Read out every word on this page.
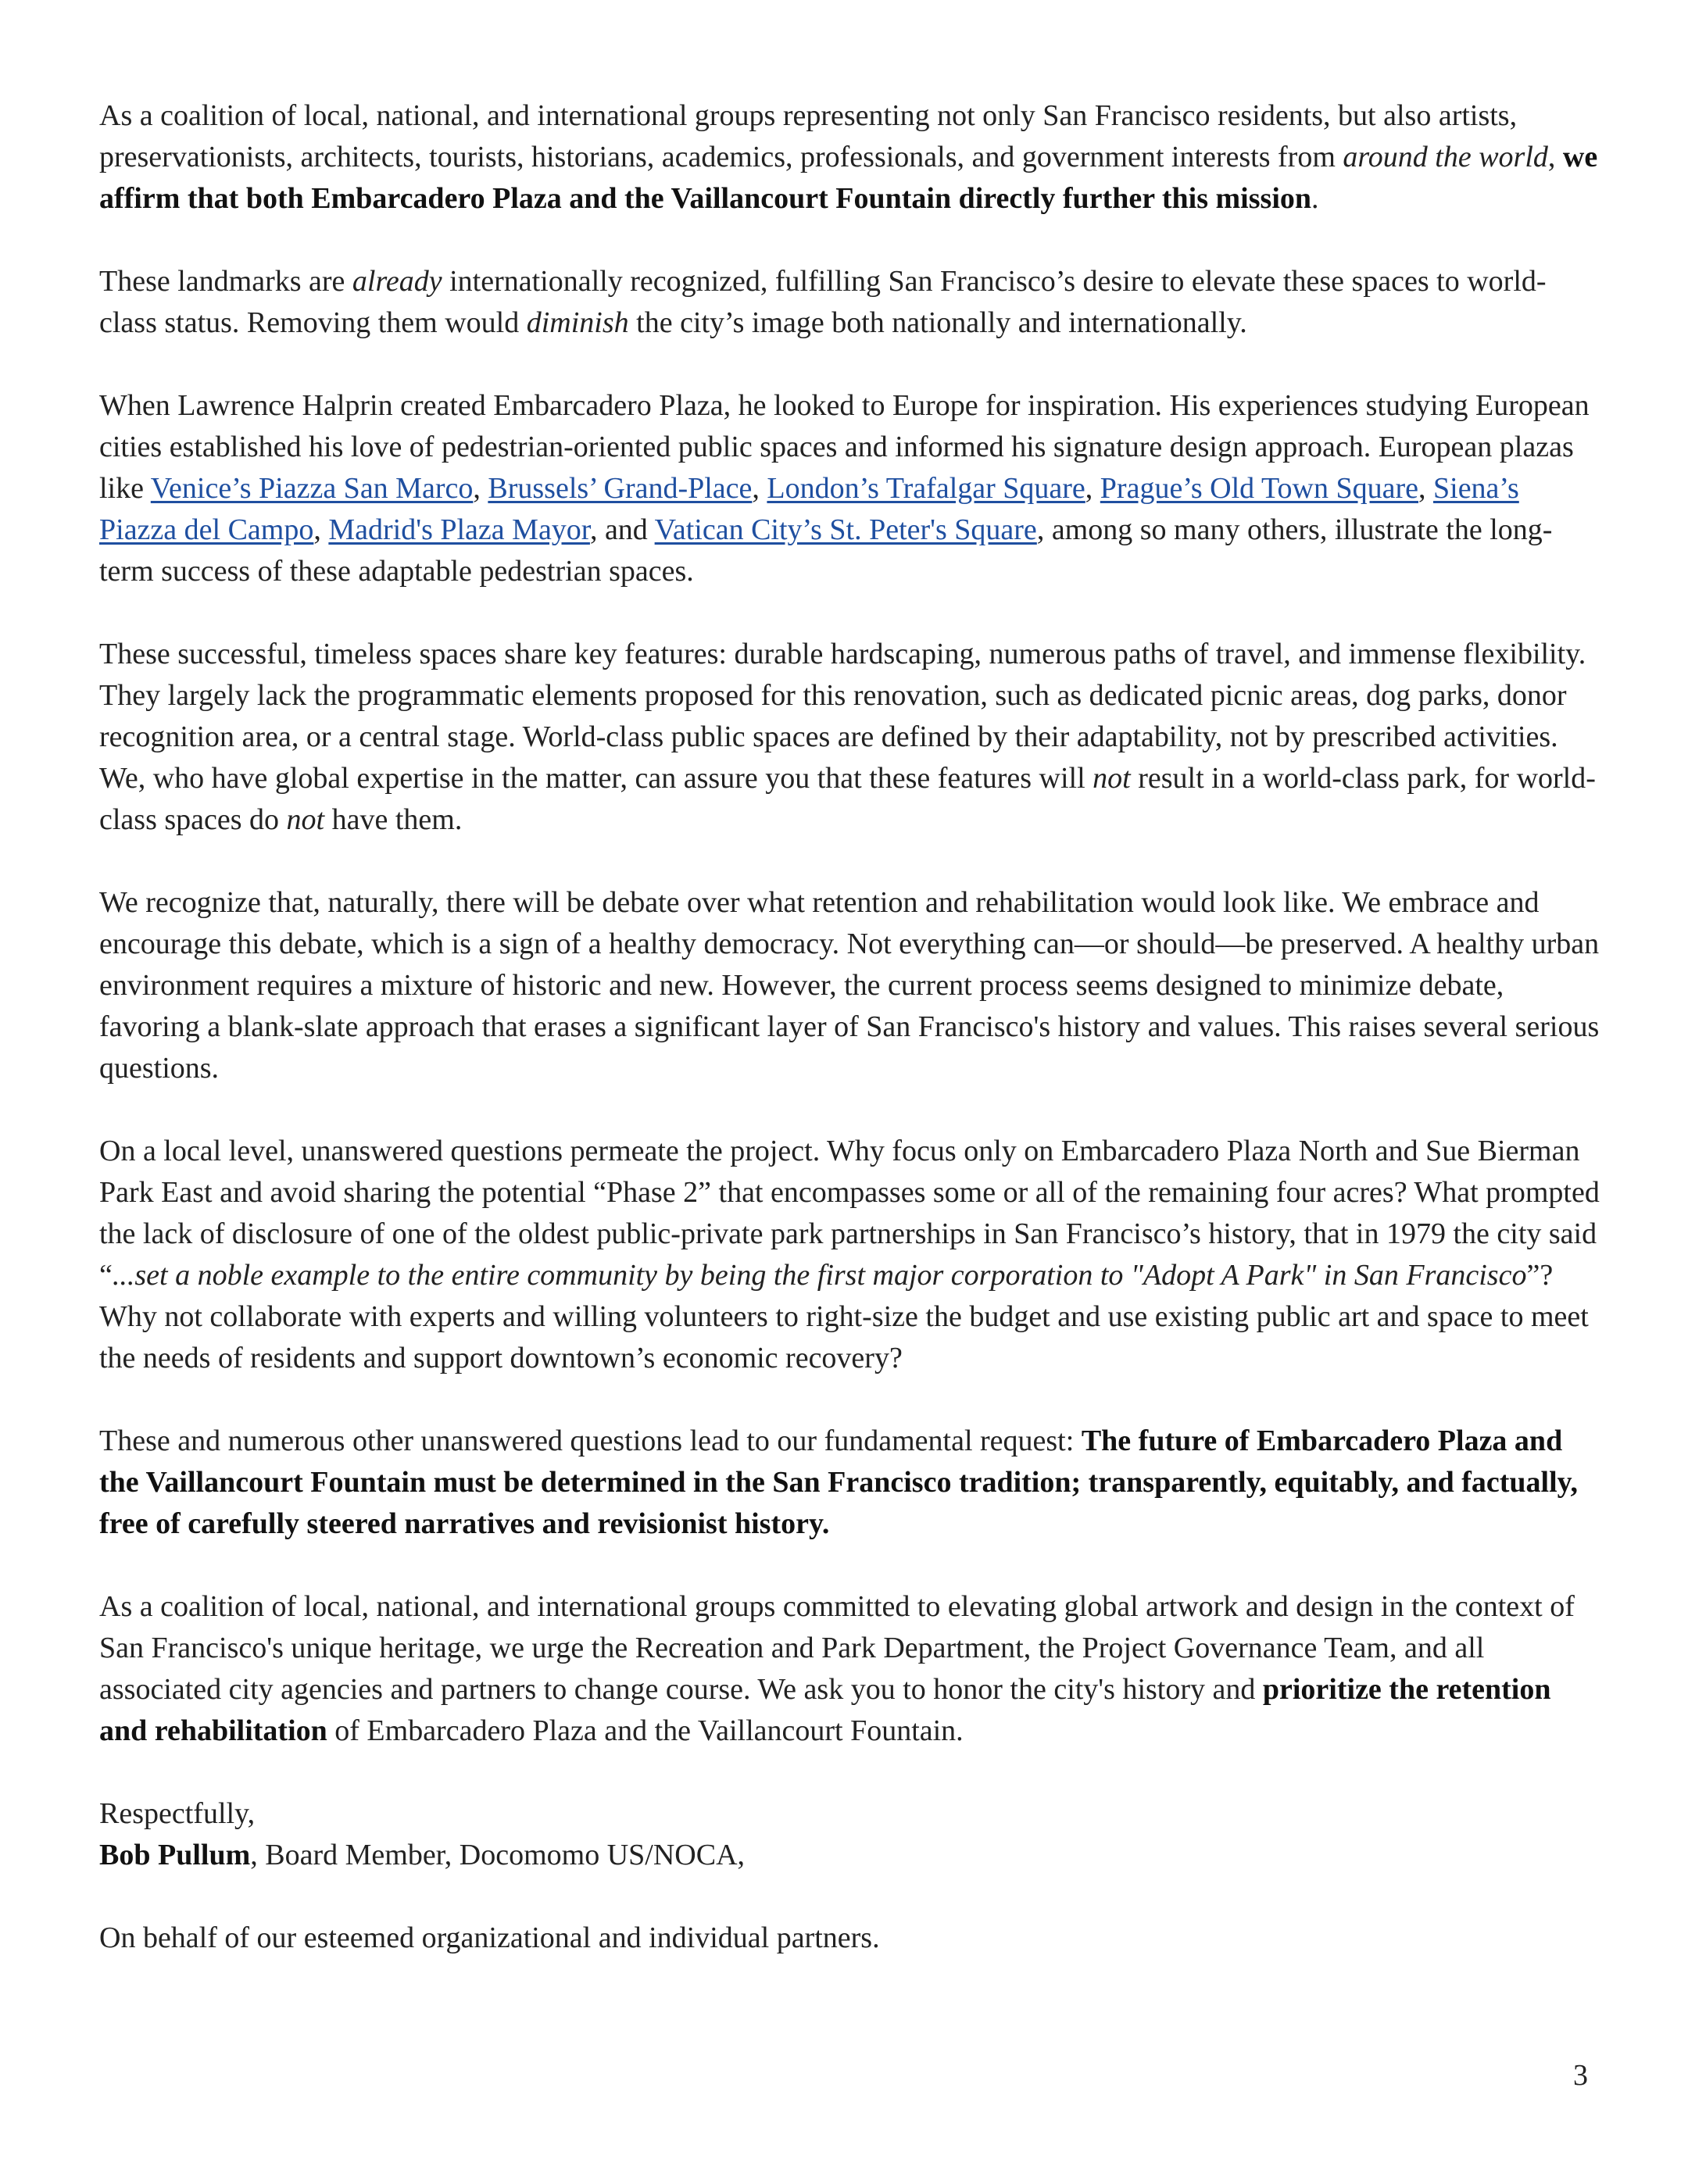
As a coalition of local, national, and international groups representing not only San Francisco residents, but also artists, preservationists, architects, tourists, historians, academics, professionals, and government interests from around the world, we affirm that both Embarcadero Plaza and the Vaillancourt Fountain directly further this mission.

These landmarks are already internationally recognized, fulfilling San Francisco’s desire to elevate these spaces to world-class status. Removing them would diminish the city’s image both nationally and internationally.

When Lawrence Halprin created Embarcadero Plaza, he looked to Europe for inspiration. His experiences studying European cities established his love of pedestrian-oriented public spaces and informed his signature design approach. European plazas like Venice’s Piazza San Marco, Brussels’ Grand-Place, London’s Trafalgar Square, Prague’s Old Town Square, Siena’s Piazza del Campo, Madrid's Plaza Mayor, and Vatican City’s St. Peter's Square, among so many others, illustrate the long-term success of these adaptable pedestrian spaces.

These successful, timeless spaces share key features: durable hardscaping, numerous paths of travel, and immense flexibility. They largely lack the programmatic elements proposed for this renovation, such as dedicated picnic areas, dog parks, donor recognition area, or a central stage. World-class public spaces are defined by their adaptability, not by prescribed activities. We, who have global expertise in the matter, can assure you that these features will not result in a world-class park, for world-class spaces do not have them.

We recognize that, naturally, there will be debate over what retention and rehabilitation would look like. We embrace and encourage this debate, which is a sign of a healthy democracy. Not everything can—or should—be preserved. A healthy urban environment requires a mixture of historic and new. However, the current process seems designed to minimize debate, favoring a blank-slate approach that erases a significant layer of San Francisco's history and values. This raises several serious questions.

On a local level, unanswered questions permeate the project. Why focus only on Embarcadero Plaza North and Sue Bierman Park East and avoid sharing the potential “Phase 2” that encompasses some or all of the remaining four acres? What prompted the lack of disclosure of one of the oldest public-private park partnerships in San Francisco’s history, that in 1979 the city said “...set a noble example to the entire community by being the first major corporation to "Adopt A Park" in San Francisco”? Why not collaborate with experts and willing volunteers to right-size the budget and use existing public art and space to meet the needs of residents and support downtown’s economic recovery?

These and numerous other unanswered questions lead to our fundamental request: The future of Embarcadero Plaza and the Vaillancourt Fountain must be determined in the San Francisco tradition; transparently, equitably, and factually, free of carefully steered narratives and revisionist history.

As a coalition of local, national, and international groups committed to elevating global artwork and design in the context of San Francisco's unique heritage, we urge the Recreation and Park Department, the Project Governance Team, and all associated city agencies and partners to change course. We ask you to honor the city's history and prioritize the retention and rehabilitation of Embarcadero Plaza and the Vaillancourt Fountain.

Respectfully,

Bob Pullum, Board Member, Docomomo US/NOCA,

On behalf of our esteemed organizational and individual partners.

3
